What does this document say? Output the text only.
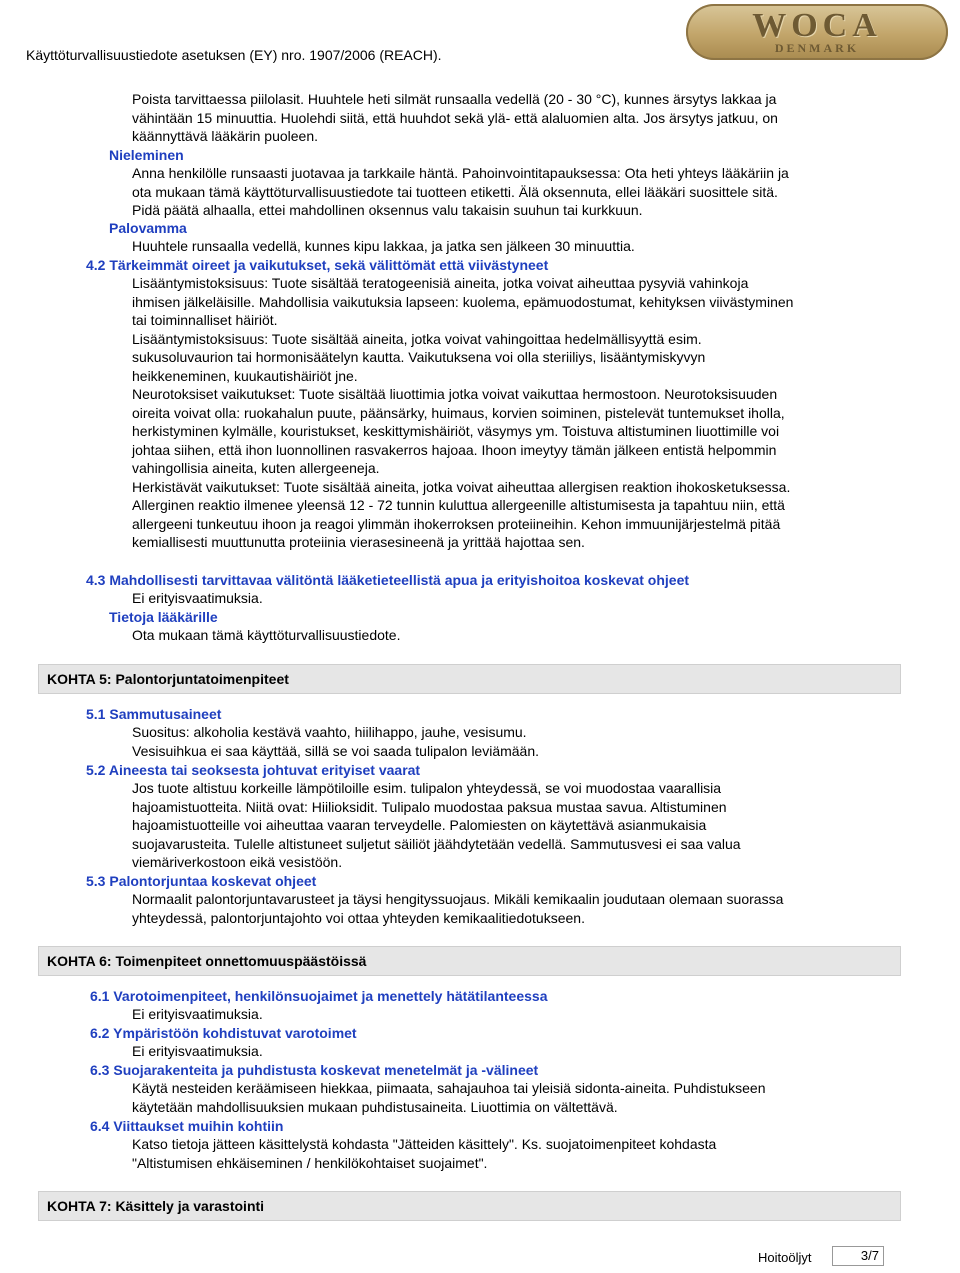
Käyttöturvallisuustiedote asetuksen (EY) nro. 1907/2006 (REACH).
WOCA
DENMARK

Poista tarvittaessa piilolasit. Huuhtele heti silmät runsaalla vedellä (20 - 30 °C), kunnes ärsytys lakkaa ja

vähintään 15 minuuttia. Huolehdi siitä, että huuhdot sekä ylä- että alaluomien alta. Jos ärsytys jatkuu, on

käännyttävä lääkärin puoleen.

Nieleminen

Anna henkilölle runsaasti juotavaa ja tarkkaile häntä. Pahoinvointitapauksessa: Ota heti yhteys lääkäriin ja

ota mukaan tämä käyttöturvallisuustiedote tai tuotteen etiketti. Älä oksennuta, ellei lääkäri suosittele sitä.

Pidä päätä alhaalla, ettei mahdollinen oksennus valu takaisin suuhun tai kurkkuun.

Palovamma

Huuhtele runsaalla vedellä, kunnes kipu lakkaa, ja jatka sen jälkeen 30 minuuttia.

4.2 Tärkeimmät oireet ja vaikutukset, sekä välittömät että viivästyneet

Lisääntymistoksisuus: Tuote sisältää teratogeenisiä aineita, jotka voivat aiheuttaa pysyviä vahinkoja

ihmisen jälkeläisille. Mahdollisia vaikutuksia lapseen: kuolema, epämuodostumat, kehityksen viivästyminen

tai toiminnalliset häiriöt.

Lisääntymistoksisuus: Tuote sisältää aineita, jotka voivat vahingoittaa hedelmällisyyttä esim.

sukusoluvaurion tai hormonisäätelyn kautta. Vaikutuksena voi olla steriiliys, lisääntymiskyvyn

heikkeneminen, kuukautishäiriöt jne.

Neurotoksiset vaikutukset: Tuote sisältää liuottimia jotka voivat vaikuttaa hermostoon. Neurotoksisuuden

oireita voivat olla: ruokahalun puute, päänsärky, huimaus, korvien soiminen, pistelevät tuntemukset iholla,

herkistyminen kylmälle, kouristukset, keskittymishäiriöt, väsymys ym. Toistuva altistuminen liuottimille voi

johtaa siihen, että ihon luonnollinen rasvakerros hajoaa. Ihoon imeytyy tämän jälkeen entistä helpommin

vahingollisia aineita, kuten allergeeneja.

Herkistävät vaikutukset: Tuote sisältää aineita, jotka voivat aiheuttaa allergisen reaktion ihokosketuksessa.

Allerginen reaktio ilmenee yleensä 12 - 72 tunnin kuluttua allergeenille altistumisesta ja tapahtuu niin, että

allergeeni tunkeutuu ihoon ja reagoi ylimmän ihokerroksen proteiineihin. Kehon immuunijärjestelmä pitää

kemiallisesti muuttunutta proteiinia vierasesineenä ja yrittää hajottaa sen.

4.3 Mahdollisesti tarvittavaa välitöntä lääketieteellistä apua ja erityishoitoa koskevat ohjeet
Ei erityisvaatimuksia.
Tietoja lääkärille
Ota mukaan tämä käyttöturvallisuustiedote.
KOHTA 5: Palontorjuntatoimenpiteet
5.1 Sammutusaineet

Suositus: alkoholia kestävä vaahto, hiilihappo, jauhe, vesisumu.

Vesisuihkua ei saa käyttää, sillä se voi saada tulipalon leviämään.

5.2 Aineesta tai seoksesta johtuvat erityiset vaarat

Jos tuote altistuu korkeille lämpötiloille esim. tulipalon yhteydessä, se voi muodostaa vaarallisia

hajoamistuotteita. Niitä ovat: Hiilioksidit. Tulipalo muodostaa paksua mustaa savua. Altistuminen

hajoamistuotteille voi aiheuttaa vaaran terveydelle. Palomiesten on käytettävä asianmukaisia

suojavarusteita. Tulelle altistuneet suljetut säiliöt jäähdytetään vedellä. Sammutusvesi ei saa valua

viemäriverkostoon eikä vesistöön.

5.3 Palontorjuntaa koskevat ohjeet

Normaalit palontorjuntavarusteet ja täysi hengityssuojaus. Mikäli kemikaalin joudutaan olemaan suorassa

yhteydessä, palontorjuntajohto voi ottaa yhteyden kemikaalitiedotukseen.

KOHTA 6: Toimenpiteet onnettomuuspäästöissä
6.1 Varotoimenpiteet, henkilönsuojaimet ja menettely hätätilanteessa
Ei erityisvaatimuksia.
6.2 Ympäristöön kohdistuvat varotoimet
Ei erityisvaatimuksia.
6.3 Suojarakenteita ja puhdistusta koskevat menetelmät ja -välineet

Käytä nesteiden keräämiseen hiekkaa, piimaata, sahajauhoa tai yleisiä sidonta-aineita. Puhdistukseen

käytetään mahdollisuuksien mukaan puhdistusaineita. Liuottimia on vältettävä.

6.4 Viittaukset muihin kohtiin

Katso tietoja jätteen käsittelystä kohdasta "Jätteiden käsittely". Ks. suojatoimenpiteet kohdasta

"Altistumisen ehkäiseminen / henkilökohtaiset suojaimet".

KOHTA 7: Käsittely ja varastointi
Hoitoöljyt	3/7
